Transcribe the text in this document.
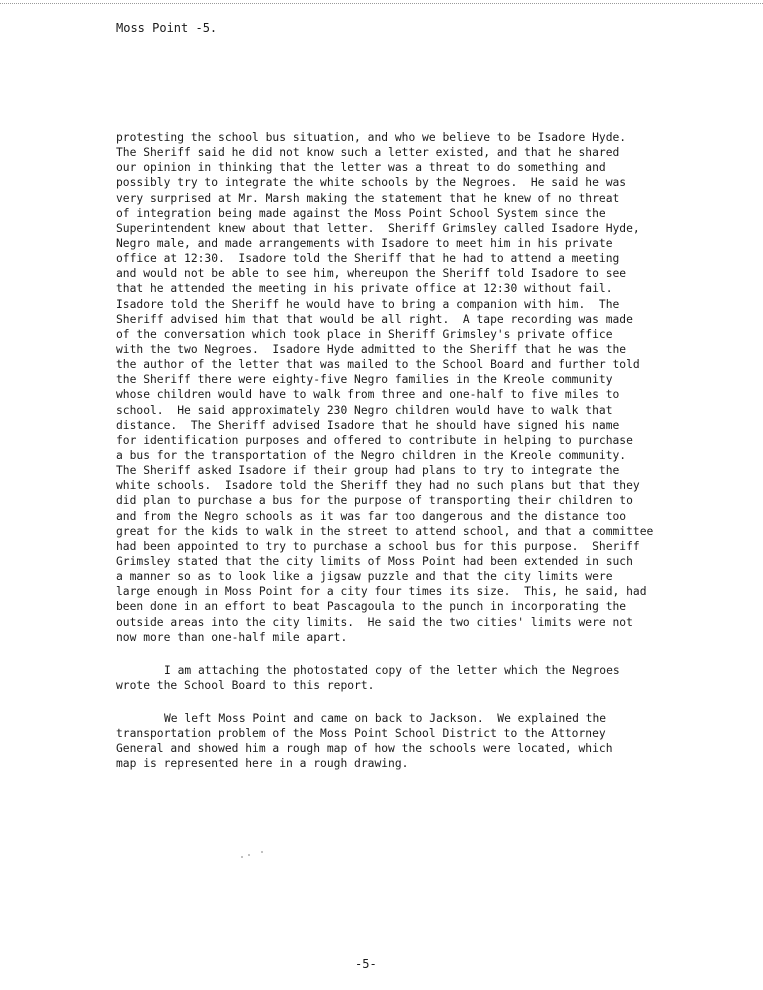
Moss Point -5.
protesting the school bus situation, and who we believe to be Isadore Hyde.
The Sheriff said he did not know such a letter existed, and that he shared
our opinion in thinking that the letter was a threat to do something and
possibly try to integrate the white schools by the Negroes.  He said he was
very surprised at Mr. Marsh making the statement that he knew of no threat
of integration being made against the Moss Point School System since the
Superintendent knew about that letter.  Sheriff Grimsley called Isadore Hyde,
Negro male, and made arrangements with Isadore to meet him in his private
office at 12:30.  Isadore told the Sheriff that he had to attend a meeting
and would not be able to see him, whereupon the Sheriff told Isadore to see
that he attended the meeting in his private office at 12:30 without fail.
Isadore told the Sheriff he would have to bring a companion with him.  The
Sheriff advised him that that would be all right.  A tape recording was made
of the conversation which took place in Sheriff Grimsley's private office
with the two Negroes.  Isadore Hyde admitted to the Sheriff that he was the
the author of the letter that was mailed to the School Board and further told
the Sheriff there were eighty-five Negro families in the Kreole community
whose children would have to walk from three and one-half to five miles to
school.  He said approximately 230 Negro children would have to walk that
distance.  The Sheriff advised Isadore that he should have signed his name
for identification purposes and offered to contribute in helping to purchase
a bus for the transportation of the Negro children in the Kreole community.
The Sheriff asked Isadore if their group had plans to try to integrate the
white schools.  Isadore told the Sheriff they had no such plans but that they
did plan to purchase a bus for the purpose of transporting their children to
and from the Negro schools as it was far too dangerous and the distance too
great for the kids to walk in the street to attend school, and that a committee
had been appointed to try to purchase a school bus for this purpose.  Sheriff
Grimsley stated that the city limits of Moss Point had been extended in such
a manner so as to look like a jigsaw puzzle and that the city limits were
large enough in Moss Point for a city four times its size.  This, he said, had
been done in an effort to beat Pascagoula to the punch in incorporating the
outside areas into the city limits.  He said the two cities' limits were not
now more than one-half mile apart.
I am attaching the photostated copy of the letter which the Negroes
wrote the School Board to this report.
We left Moss Point and came on back to Jackson.  We explained the
transportation problem of the Moss Point School District to the Attorney
General and showed him a rough map of how the schools were located, which
map is represented here in a rough drawing.
-5-
